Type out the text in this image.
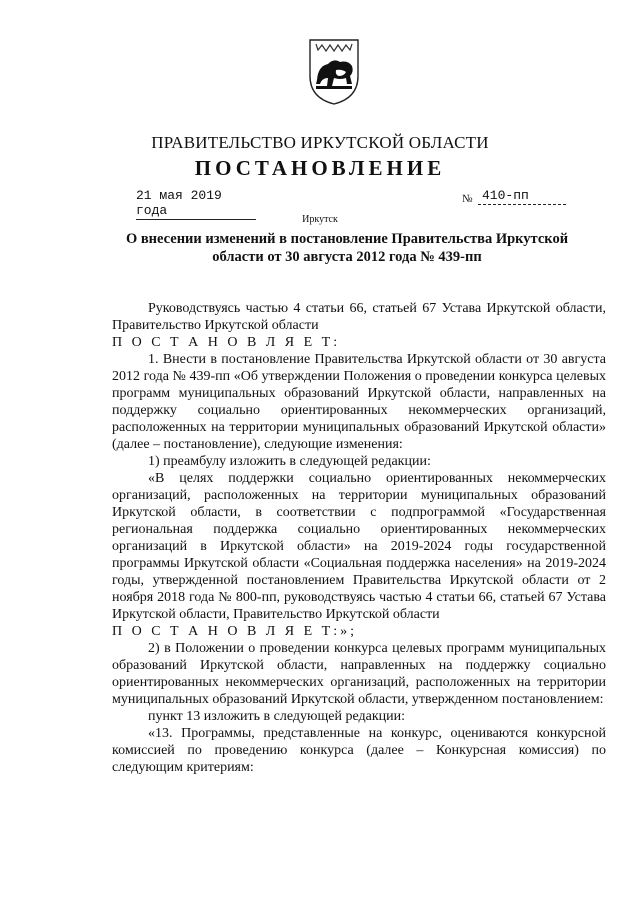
ПРАВИТЕЛЬСТВО ИРКУТСКОЙ ОБЛАСТИ
ПОСТАНОВЛЕНИЕ
21 мая 2019 года
№ 410-пп
Иркутск
О внесении изменений в постановление Правительства Иркутской области от 30 августа 2012 года № 439-пп

Руководствуясь частью 4 статьи 66, статьей 67 Устава Иркутской области, Правительство Иркутской области

П О С Т А Н О В Л Я Е Т:

1. Внести в постановление Правительства Иркутской области от 30 августа 2012 года № 439-пп «Об утверждении Положения о проведении конкурса целевых программ муниципальных образований Иркутской области, направленных на поддержку социально ориентированных некоммерческих организаций, расположенных на территории муниципальных образований Иркутской области» (далее – постановление), следующие изменения:

1) преамбулу изложить в следующей редакции:

«В целях поддержки социально ориентированных некоммерческих организаций, расположенных на территории муниципальных образований Иркутской области, в соответствии с подпрограммой «Государственная региональная поддержка социально ориентированных некоммерческих организаций в Иркутской области» на 2019-2024 годы государственной программы Иркутской области «Социальная поддержка населения» на 2019-2024 годы, утвержденной постановлением Правительства Иркутской области от 2 ноября 2018 года № 800-пп, руководствуясь частью 4 статьи 66, статьей 67 Устава Иркутской области, Правительство Иркутской области

П О С Т А Н О В Л Я Е Т:»;

2) в Положении о проведении конкурса целевых программ муниципальных образований Иркутской области, направленных на поддержку социально ориентированных некоммерческих организаций, расположенных на территории муниципальных образований Иркутской области, утвержденном постановлением:

пункт 13 изложить в следующей редакции:

«13. Программы, представленные на конкурс, оцениваются конкурсной комиссией по проведению конкурса (далее – Конкурсная комиссия) по следующим критериям:
